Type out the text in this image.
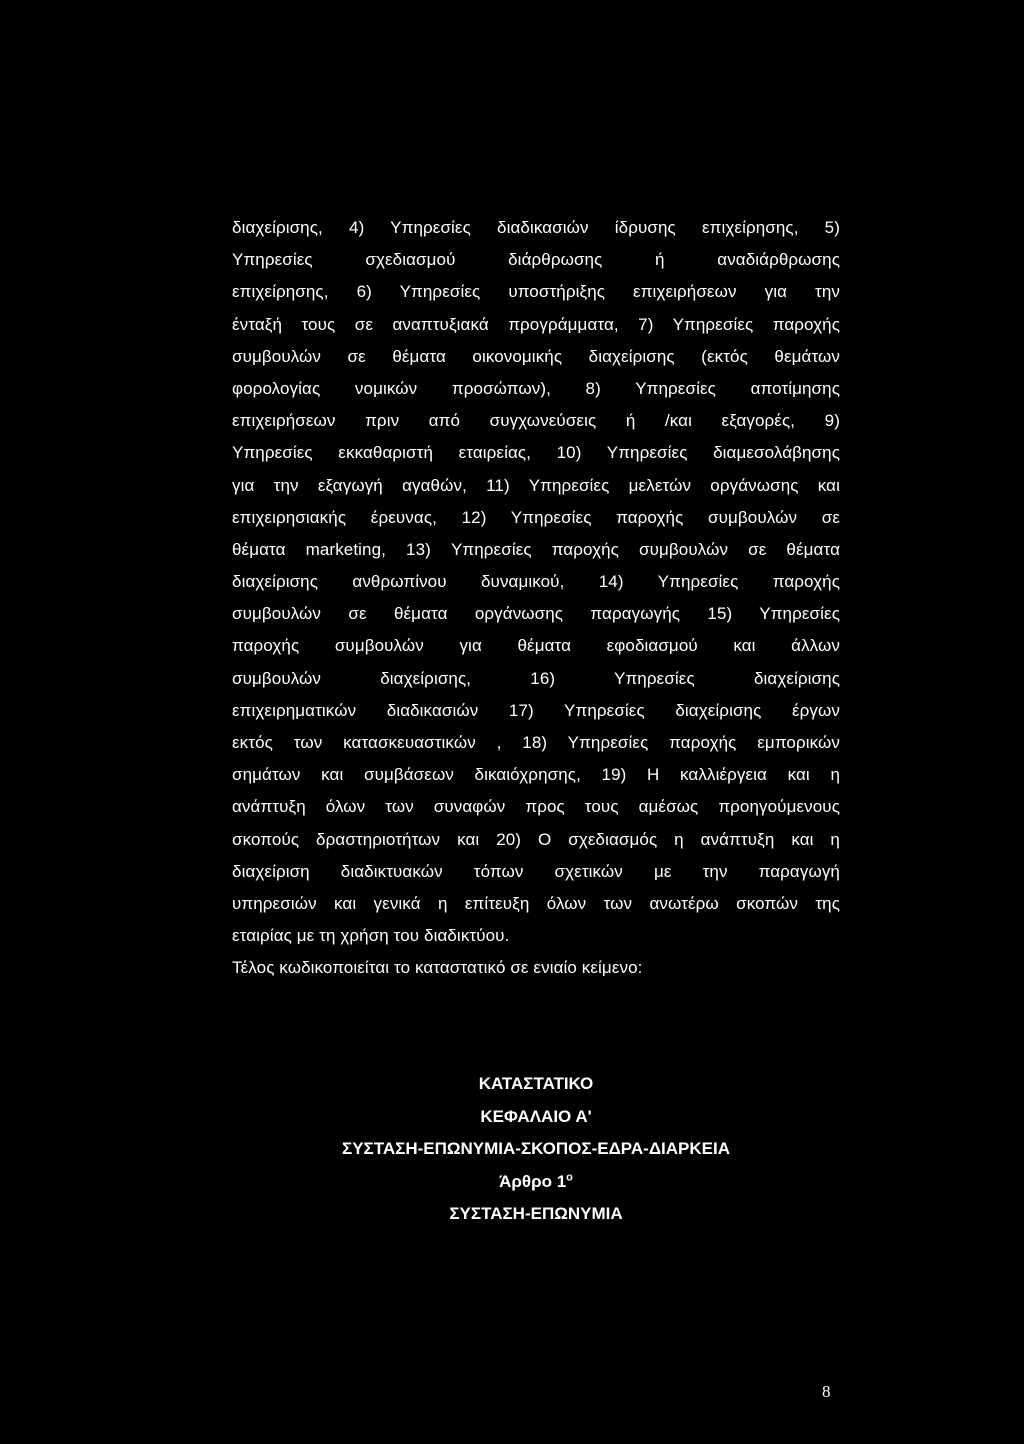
διαχείρισης, 4) Υπηρεσίες διαδικασιών ίδρυσης επιχείρησης, 5)
Υπηρεσίες σχεδιασμού διάρθρωσης ή αναδιάρθρωσης
επιχείρησης, 6) Υπηρεσίες υποστήριξης επιχειρήσεων για την
ένταξή τους σε αναπτυξιακά προγράμματα, 7) Υπηρεσίες παροχής
συμβουλών σε θέματα οικονομικής διαχείρισης (εκτός θεμάτων
φορολογίας νομικών προσώπων), 8) Υπηρεσίες αποτίμησης
επιχειρήσεων πριν από συγχωνεύσεις ή /και εξαγορές, 9)
Υπηρεσίες εκκαθαριστή εταιρείας, 10) Υπηρεσίες διαμεσολάβησης
για την εξαγωγή αγαθών, 11) Υπηρεσίες μελετών οργάνωσης και
επιχειρησιακής έρευνας, 12) Υπηρεσίες παροχής συμβουλών σε
θέματα marketing, 13) Υπηρεσίες παροχής συμβουλών σε θέματα
διαχείρισης ανθρωπίνου δυναμικού, 14) Υπηρεσίες παροχής
συμβουλών σε θέματα οργάνωσης παραγωγής 15) Υπηρεσίες
παροχής συμβουλών για θέματα εφοδιασμού και άλλων
συμβουλών διαχείρισης, 16) Υπηρεσίες διαχείρισης
επιχειρηματικών διαδικασιών 17) Υπηρεσίες διαχείρισης έργων
εκτός των κατασκευαστικών , 18) Υπηρεσίες παροχής εμπορικών
σημάτων και συμβάσεων δικαιόχρησης, 19) Η καλλιέργεια και η
ανάπτυξη όλων των συναφών προς τους αμέσως προηγούμενους
σκοπούς δραστηριοτήτων και 20) Ο σχεδιασμός η ανάπτυξη και η
διαχείριση διαδικτυακών τόπων σχετικών με την παραγωγή
υπηρεσιών και γενικά η επίτευξη όλων των ανωτέρω σκοπών της
εταιρίας με τη χρήση του διαδικτύου.
Τέλος κωδικοποιείται το καταστατικό σε ενιαίο κείμενο:
ΚΑΤΑΣΤΑΤΙΚΟ
ΚΕΦΑΛΑΙΟ Α'
ΣΥΣΤΑΣΗ-ΕΠΩΝΥΜΙΑ-ΣΚΟΠΟΣ-ΕΔΡΑ-ΔΙΑΡΚΕΙΑ
Άρθρο $1^o$
ΣΥΣΤΑΣΗ-ΕΠΩΝΥΜΙΑ
8
